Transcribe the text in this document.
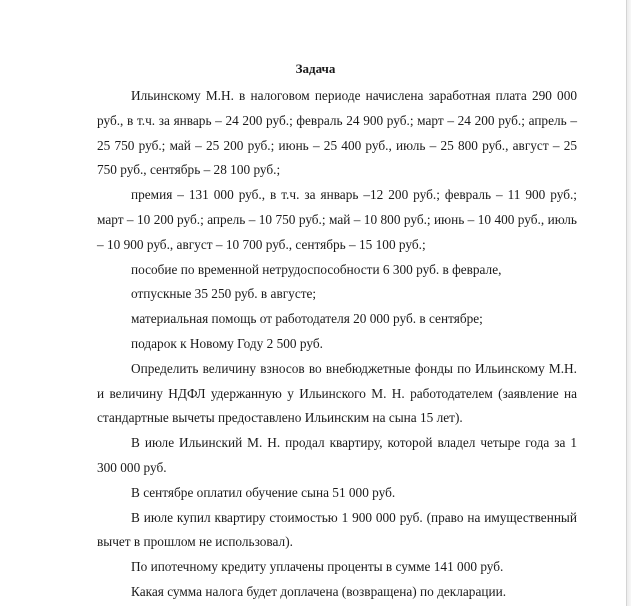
Задача

Ильинскому М.Н. в налоговом периоде начислена заработная плата 290 000 руб., в т.ч. за январь – 24 200 руб.; февраль 24 900 руб.; март – 24 200 руб.; апрель – 25 750 руб.; май – 25 200 руб.; июнь – 25 400 руб., июль – 25 800 руб., август – 25 750 руб., сентябрь – 28 100 руб.;

премия – 131 000 руб., в т.ч. за январь –12 200 руб.; февраль – 11 900 руб.; март – 10 200 руб.; апрель – 10 750 руб.; май – 10 800 руб.; июнь – 10 400 руб., июль – 10 900 руб., август – 10 700 руб., сентябрь – 15 100 руб.;

пособие по временной нетрудоспособности 6 300 руб. в феврале,

отпускные 35 250 руб. в августе;

материальная помощь от работодателя 20 000 руб. в сентябре;

подарок к Новому Году 2 500 руб.

Определить величину взносов во внебюджетные фонды по Ильинскому М.Н. и величину НДФЛ удержанную у Ильинского М. Н. работодателем (заявление на стандартные вычеты предоставлено Ильинским на сына 15 лет).

В июле Ильинский М. Н. продал квартиру, которой владел четыре года за 1 300 000 руб.

В сентябре оплатил обучение сына 51 000 руб.

В июле купил квартиру стоимостью 1 900 000 руб. (право на имущественный вычет в прошлом не использовал).

По ипотечному кредиту уплачены проценты в сумме 141 000 руб.

Какая сумма налога будет доплачена (возвращена) по декларации.
